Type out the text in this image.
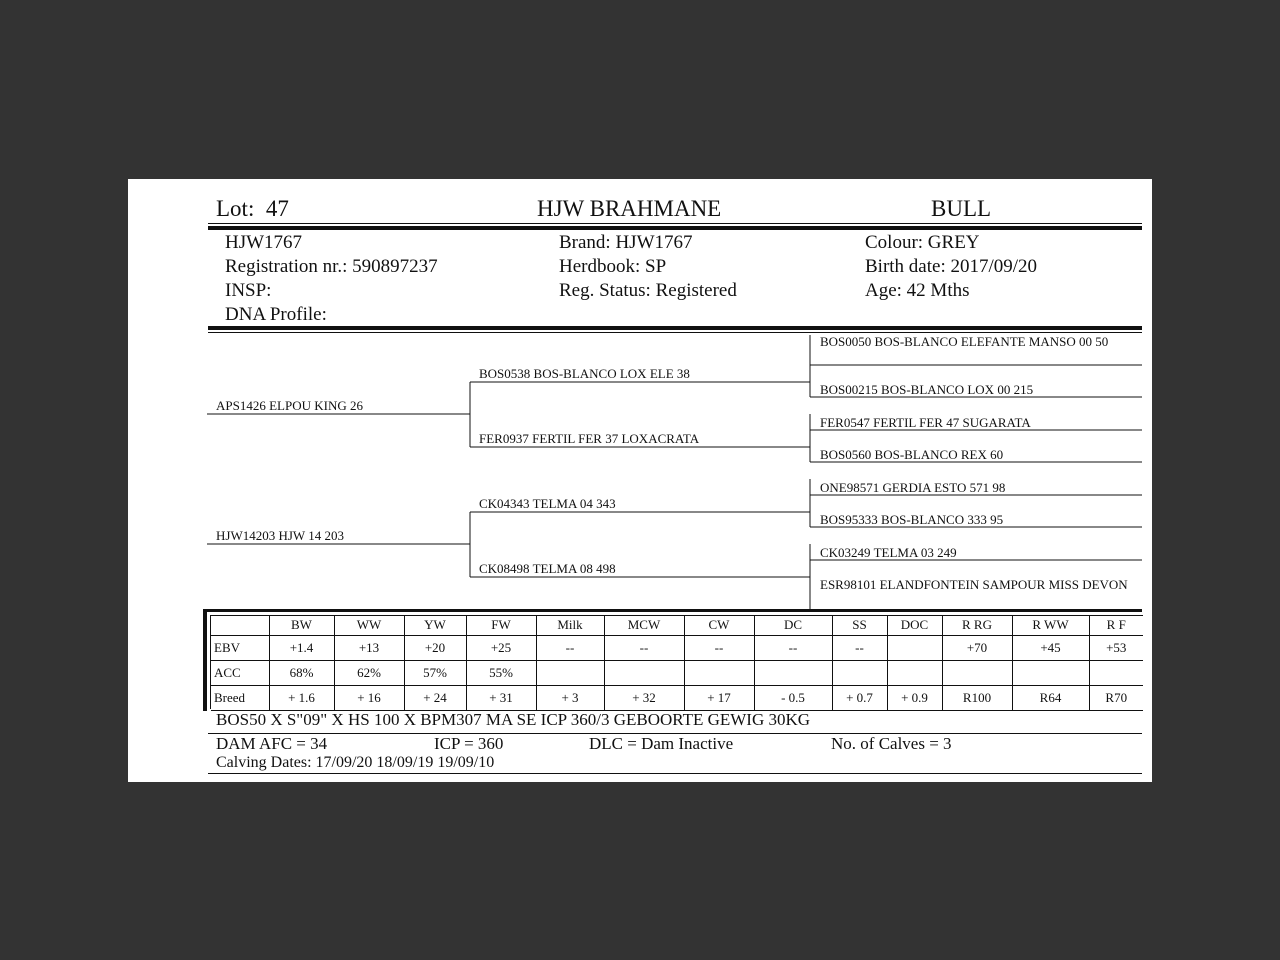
Lot: 47	HJW BRAHMANE	BULL
HJW1767
Registration nr.: 590897237
INSP:
DNA Profile:
Brand: HJW1767
Herdbook: SP
Reg. Status: Registered
Colour: GREY
Birth date: 2017/09/20
Age: 42 Mths
APS1426 ELPOU KING 26
HJW14203 HJW 14 203
BOS0538 BOS-BLANCO LOX ELE 38
FER0937 FERTIL FER 37 LOXACRATA
CK04343 TELMA 04 343
CK08498 TELMA 08 498
BOS0050 BOS-BLANCO ELEFANTE MANSO 00 50
BOS00215 BOS-BLANCO LOX 00 215
FER0547 FERTIL FER 47 SUGARATA
BOS0560 BOS-BLANCO REX 60
ONE98571 GERDIA ESTO 571 98
BOS95333 BOS-BLANCO 333 95
CK03249 TELMA 03 249
ESR98101 ELANDFONTEIN SAMPOUR MISS DEVON
	BW	WW	YW	FW	Milk	MCW	CW	DC	SS	DOC	R RG	R WW	R F
EBV	+1.4	+13	+20	+25	--	--	--	--	--		+70	+45	+53
ACC	68%	62%	57%	55%									
Breed	+ 1.6	+ 16	+ 24	+ 31	+ 3	+ 32	+ 17	- 0.5	+ 0.7	+ 0.9	R100	R64	R70
BOS50 X S"09" X HS 100 X BPM307 MA SE ICP 360/3 GEBOORTE GEWIG 30KG
DAM AFC = 34	ICP = 360	DLC = Dam Inactive	No. of Calves = 3
Calving Dates: 17/09/20 18/09/19 19/09/10
